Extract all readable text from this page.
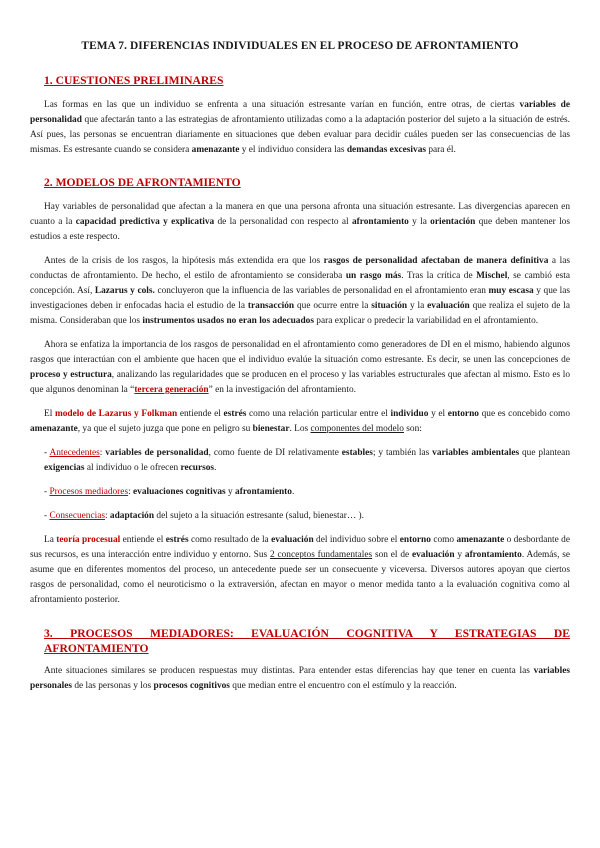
TEMA 7. DIFERENCIAS INDIVIDUALES EN EL PROCESO DE AFRONTAMIENTO
1. CUESTIONES PRELIMINARES

Las formas en las que un individuo se enfrenta a una situación estresante varían en función, entre otras, de ciertas variables de personalidad que afectarán tanto a las estrategias de afrontamiento utilizadas como a la adaptación posterior del sujeto a la situación de estrés. Así pues, las personas se encuentran diariamente en situaciones que deben evaluar para decidir cuáles pueden ser las consecuencias de las mismas. Es estresante cuando se considera amenazante y el individuo considera las demandas excesivas para él.

2. MODELOS DE AFRONTAMIENTO

Hay variables de personalidad que afectan a la manera en que una persona afronta una situación estresante. Las divergencias aparecen en cuanto a la capacidad predictiva y explicativa de la personalidad con respecto al afrontamiento y la orientación que deben mantener los estudios a este respecto.

Antes de la crisis de los rasgos, la hipótesis más extendida era que los rasgos de personalidad afectaban de manera definitiva a las conductas de afrontamiento. De hecho, el estilo de afrontamiento se consideraba un rasgo más. Tras la crítica de Mischel, se cambió esta concepción. Así, Lazarus y cols. concluyeron que la influencia de las variables de personalidad en el afrontamiento eran muy escasa y que las investigaciones deben ir enfocadas hacia el estudio de la transacción que ocurre entre la situación y la evaluación que realiza el sujeto de la misma. Consideraban que los instrumentos usados no eran los adecuados para explicar o predecir la variabilidad en el afrontamiento.

Ahora se enfatiza la importancia de los rasgos de personalidad en el afrontamiento como generadores de DI en el mismo, habiendo algunos rasgos que interactúan con el ambiente que hacen que el individuo evalúe la situación como estresante. Es decir, se unen las concepciones de proceso y estructura, analizando las regularidades que se producen en el proceso y las variables estructurales que afectan al mismo. Esto es lo que algunos denominan la “tercera generación” en la investigación del afrontamiento.

El modelo de Lazarus y Folkman entiende el estrés como una relación particular entre el individuo y el entorno que es concebido como amenazante, ya que el sujeto juzga que pone en peligro su bienestar. Los componentes del modelo son:

- Antecedentes: variables de personalidad, como fuente de DI relativamente estables; y también las variables ambientales que plantean exigencias al individuo o le ofrecen recursos.

- Procesos mediadores: evaluaciones cognitivas y afrontamiento.

- Consecuencias: adaptación del sujeto a la situación estresante (salud, bienestar… ).

La teoría procesual entiende el estrés como resultado de la evaluación del individuo sobre el entorno como amenazante o desbordante de sus recursos, es una interacción entre individuo y entorno. Sus 2 conceptos fundamentales son el de evaluación y afrontamiento. Además, se asume que en diferentes momentos del proceso, un antecedente puede ser un consecuente y viceversa. Diversos autores apoyan que ciertos rasgos de personalidad, como el neuroticismo o la extraversión, afectan en mayor o menor medida tanto a la evaluación cognitiva como al afrontamiento posterior.

3. PROCESOS MEDIADORES: EVALUACIÓN COGNITIVA Y ESTRATEGIAS DE
AFRONTAMIENTO

Ante situaciones similares se producen respuestas muy distintas. Para entender estas diferencias hay que tener en cuenta las variables personales de las personas y los procesos cognitivos que median entre el encuentro con el estímulo y la reacción.
